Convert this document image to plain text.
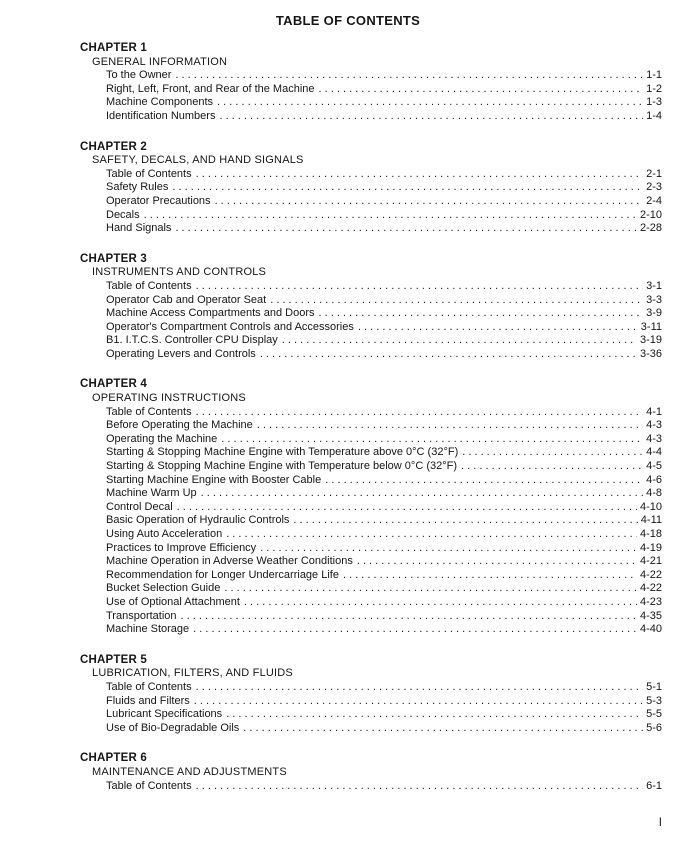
TABLE OF CONTENTS
CHAPTER 1
GENERAL INFORMATION
To the Owner . . .	1-1
Right, Left, Front, and Rear of the Machine . . .	1-2
Machine Components . . .	1-3
Identification Numbers . . .	1-4
CHAPTER 2
SAFETY, DECALS, AND HAND SIGNALS
Table of Contents . . .	2-1
Safety Rules . . .	2-3
Operator Precautions . . .	2-4
Decals . . .	2-10
Hand Signals . . .	2-28
CHAPTER 3
INSTRUMENTS AND CONTROLS
Table of Contents . . .	3-1
Operator Cab and Operator Seat . . .	3-3
Machine Access Compartments and Doors . . .	3-9
Operator's Compartment Controls and Accessories . . .	3-11
B1. I.T.C.S. Controller CPU Display . . .	3-19
Operating Levers and Controls . . .	3-36
CHAPTER 4
OPERATING INSTRUCTIONS
Table of Contents . . .	4-1
Before Operating the Machine . . .	4-3
Operating the Machine . . .	4-3
Starting & Stopping Machine Engine with Temperature above 0°C (32°F) . . .	4-4
Starting & Stopping Machine Engine with Temperature below 0°C (32°F) . . .	4-5
Starting Machine Engine with Booster Cable . . .	4-6
Machine Warm Up . . .	4-8
Control Decal . . .	4-10
Basic Operation of Hydraulic Controls . . .	4-11
Using Auto Acceleration . . .	4-18
Practices to Improve Efficiency . . .	4-19
Machine Operation in Adverse Weather Conditions . . .	4-21
Recommendation for Longer Undercarriage Life . . .	4-22
Bucket Selection Guide . . .	4-22
Use of Optional Attachment . . .	4-23
Transportation . . .	4-35
Machine Storage . . .	4-40
CHAPTER 5
LUBRICATION, FILTERS, AND FLUIDS
Table of Contents . . .	5-1
Fluids and Filters . . .	5-3
Lubricant Specifications . . .	5-5
Use of Bio-Degradable Oils . . .	5-6
CHAPTER 6
MAINTENANCE AND ADJUSTMENTS
Table of Contents . . .	6-1
I
